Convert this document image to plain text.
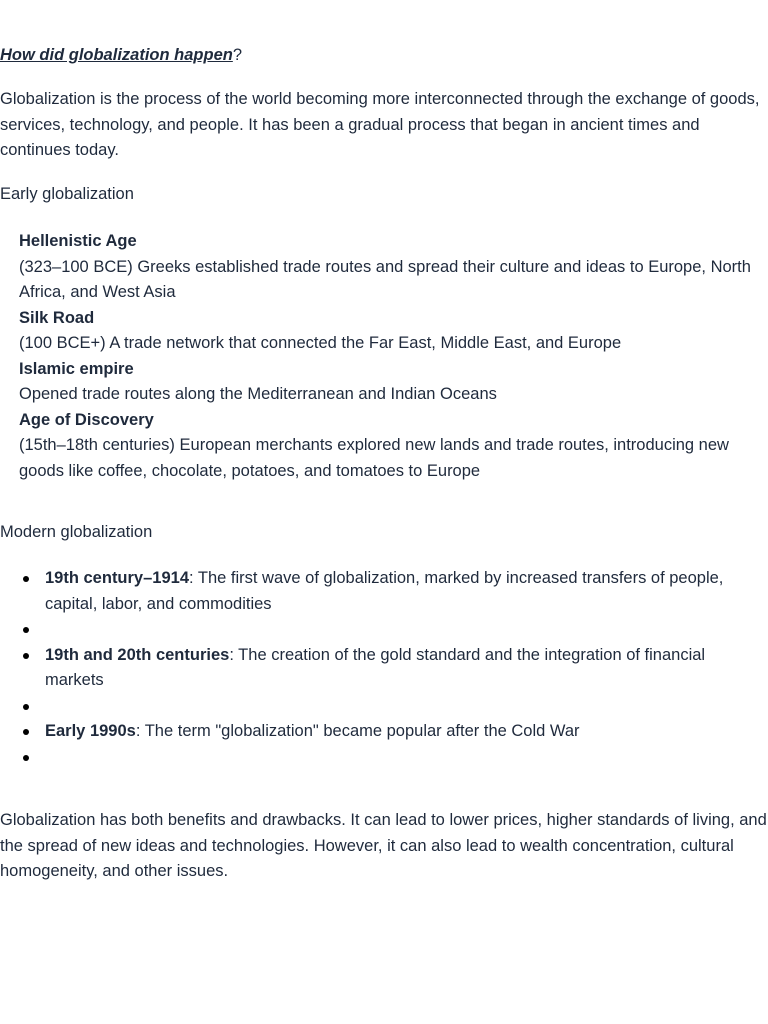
How did globalization happen?

Globalization is the process of the world becoming more interconnected through the exchange of goods, services, technology, and people. It has been a gradual process that began in ancient times and continues today.

Early globalization

Hellenistic Age

(323–100 BCE) Greeks established trade routes and spread their culture and ideas to Europe, North Africa, and West Asia

Silk Road

(100 BCE+) A trade network that connected the Far East, Middle East, and Europe

Islamic empire

Opened trade routes along the Mediterranean and Indian Oceans

Age of Discovery

(15th–18th centuries) European merchants explored new lands and trade routes, introducing new goods like coffee, chocolate, potatoes, and tomatoes to Europe

Modern globalization

19th century–1914: The first wave of globalization, marked by increased transfers of people, capital, labor, and commodities
19th and 20th centuries: The creation of the gold standard and the integration of financial markets
Early 1990s: The term "globalization" became popular after the Cold War

Globalization has both benefits and drawbacks. It can lead to lower prices, higher standards of living, and the spread of new ideas and technologies. However, it can also lead to wealth concentration, cultural homogeneity, and other issues.
